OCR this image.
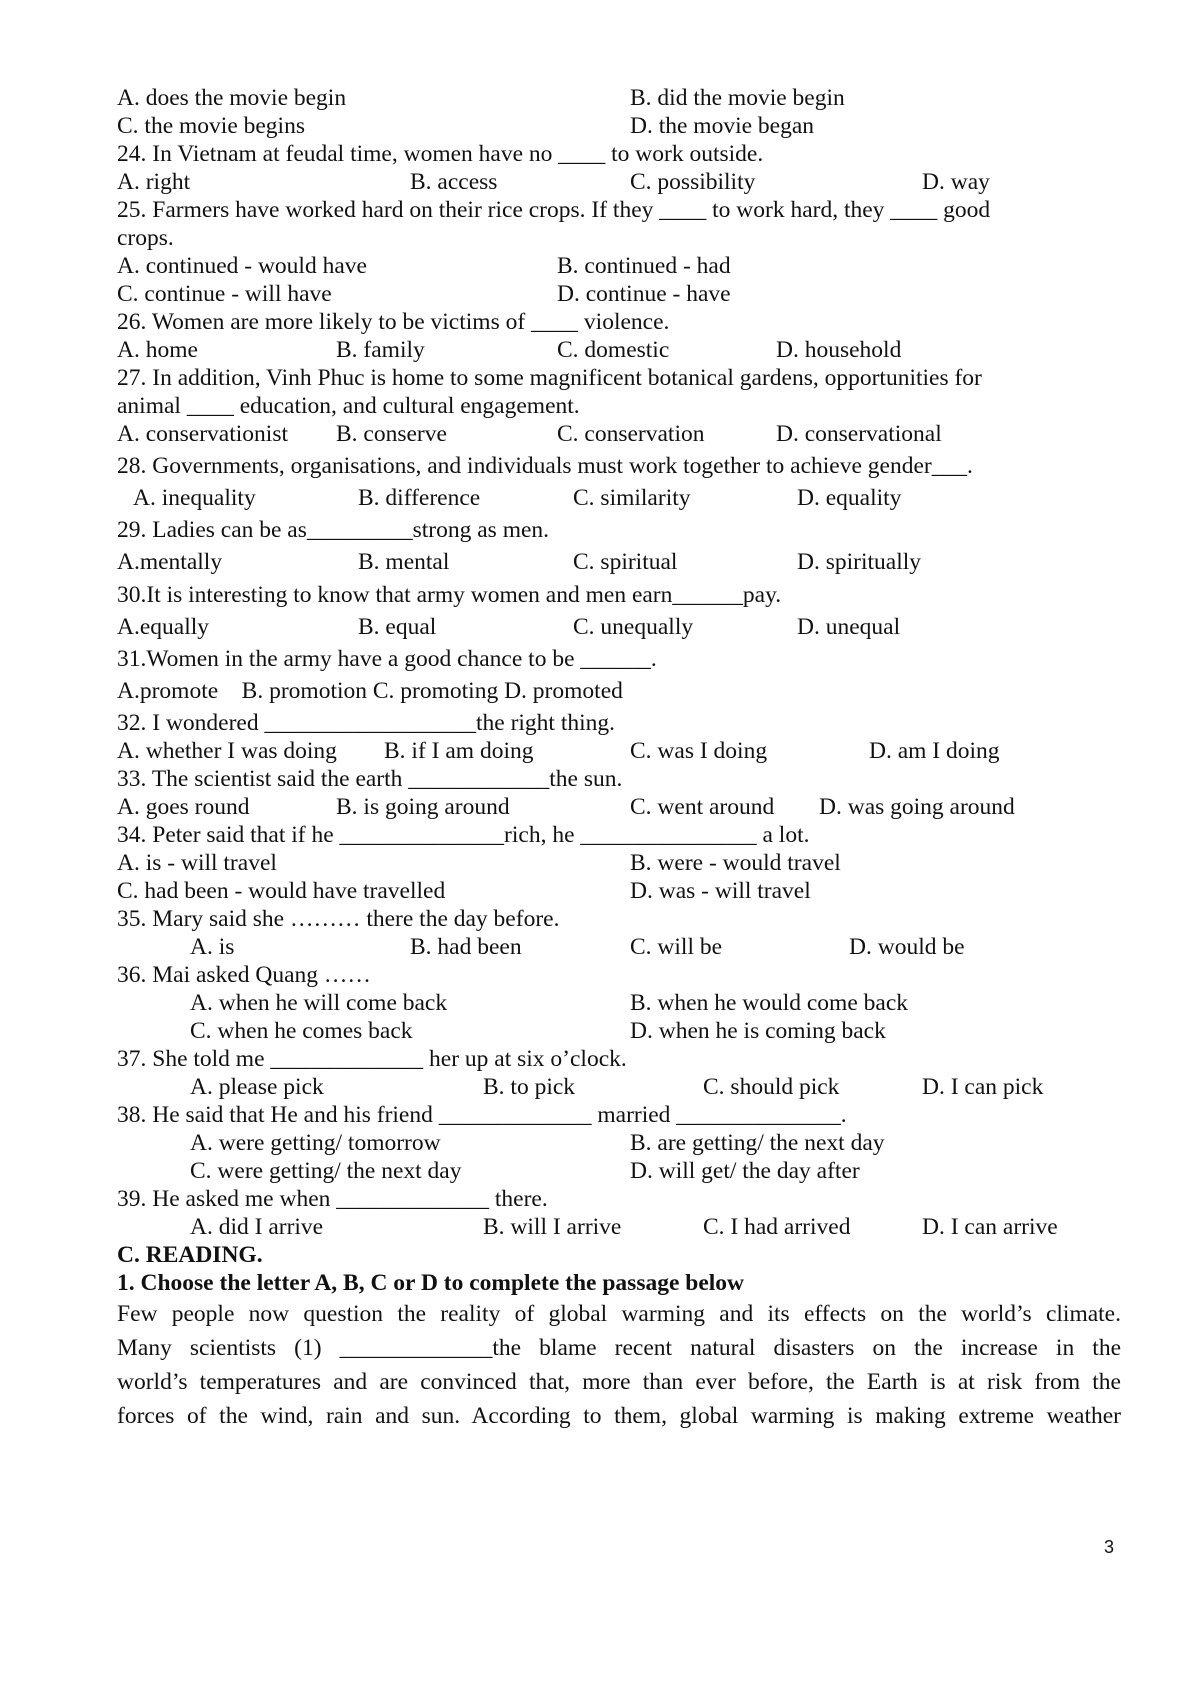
A. does the movie begin	B. did the movie begin
C. the movie begins	D. the movie began
24. In Vietnam at feudal time, women have no ____ to work outside.
A. right	B. access	C. possibility	D. way
25. Farmers have worked hard on their rice crops. If they ____ to work hard, they ____ good
crops.
A. continued - would have	B. continued - had
C. continue - will have	D. continue - have
26. Women are more likely to be victims of ____ violence.
A. home	B. family	C. domestic	D. household
27. In addition, Vinh Phuc is home to some magnificent botanical gardens, opportunities for
animal ____ education, and cultural engagement.
A. conservationist B. conserve	C. conservation	D. conservational
28. Governments, organisations, and individuals must work together to achieve gender___.
A. inequality	B. difference	C. similarity	D. equality
29. Ladies can be as_________strong as men.
A.mentally	B. mental	C. spiritual	D. spiritually
30.It is interesting to know that army women and men earn______pay.
A.equally	B. equal	C. unequally	D. unequal
31.Women in the army have a good chance to be ______.
A.promote    B. promotion C. promoting D. promoted
32. I wondered __________________the right thing.
A. whether I was doing B. if I am doing	C. was I doing	D. am I doing
33. The scientist said the earth ____________the sun.
A. goes round	B. is going around	C. went around D. was going around
34. Peter said that if he ______________rich, he _______________ a lot.
A. is - will travel	B. were - would travel
C. had been - would have travelled	D. was - will travel
35. Mary said she ……… there the day before.
A. is	B. had been	C. will be	D. would be
36. Mai asked Quang ……
A. when he will come back	B. when he would come back
C. when he comes back	D. when he is coming back
37. She told me _____________ her up at six o’clock.
A. please pick	B. to pick	C. should pick	D. I can pick
38. He said that He and his friend _____________ married ______________.
A. were getting/ tomorrow	B. are getting/ the next day
C. were getting/ the next day	D. will get/ the day after
39. He asked me when _____________ there.
A. did I arrive	B. will I arrive	C. I had arrived	D. I can arrive
C. READING.
1. Choose the letter A, B, C or D to complete the passage below
Few people now question the reality of global warming and its effects on the world’s climate.
Many scientists (1) _____________the blame recent natural disasters on the increase in the
world’s temperatures and are convinced that, more than ever before, the Earth is at risk from the
forces of the wind, rain and sun. According to them, global warming is making extreme weather
3
